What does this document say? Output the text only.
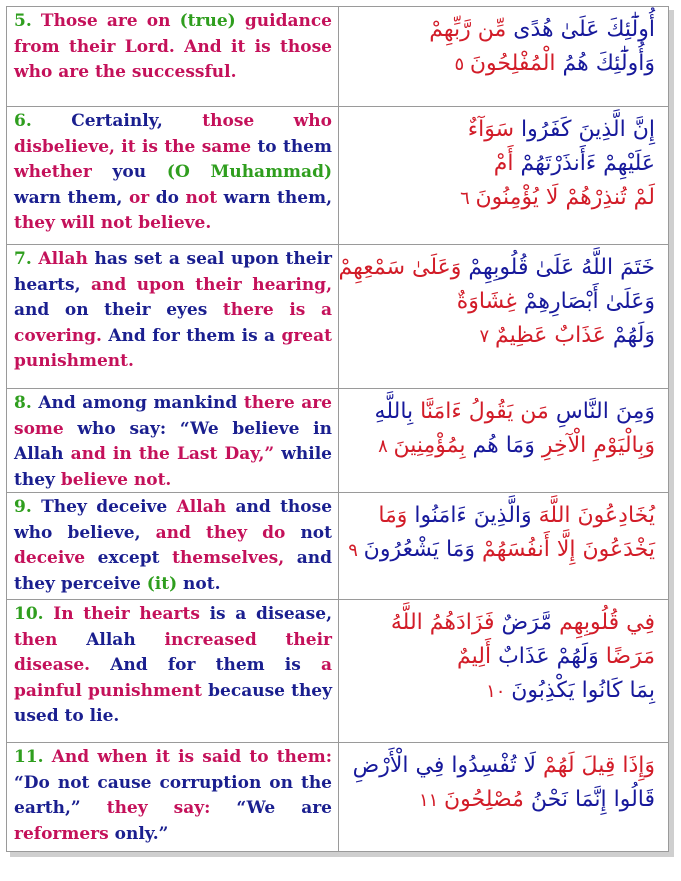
5. Those are on (true) guidance from their Lord. And it is those who are the successful.
أُولَٰٓئِكَ عَلَىٰ هُدًى مِّن رَّبِّهِمْ
وَأُولَٰٓئِكَ هُمُ الْمُفْلِحُونَ ٥
6. Certainly, those who disbelieve, it is the same to them whether you (O Muhammad) warn them, or do not warn them, they will not believe.
إِنَّ الَّذِينَ كَفَرُوا سَوَآءٌ
عَلَيْهِمْ ءَأَنذَرْتَهُمْ أَمْ
لَمْ تُنذِرْهُمْ لَا يُؤْمِنُونَ ٦
7. Allah has set a seal upon their hearts, and upon their hearing, and on their eyes there is a covering. And for them is a great punishment.
خَتَمَ اللَّهُ عَلَىٰ قُلُوبِهِمْ وَعَلَىٰ سَمْعِهِمْ
وَعَلَىٰ أَبْصَارِهِمْ غِشَاوَةٌ
وَلَهُمْ عَذَابٌ عَظِيمٌ ٧
8. And among mankind there are some who say: “We believe in Allah and in the Last Day,” while they believe not.
وَمِنَ النَّاسِ مَن يَقُولُ ءَامَنَّا بِاللَّهِ
وَبِالْيَوْمِ الْآخِرِ وَمَا هُم بِمُؤْمِنِينَ ٨
9. They deceive Allah and those who believe, and they do not deceive except themselves, and they perceive (it) not.
يُخَادِعُونَ اللَّهَ وَالَّذِينَ ءَامَنُوا وَمَا
يَخْدَعُونَ إِلَّا أَنفُسَهُمْ وَمَا يَشْعُرُونَ ٩
10. In their hearts is a disease, then Allah increased their disease. And for them is a painful punishment because they used to lie.
فِي قُلُوبِهِم مَّرَضٌ فَزَادَهُمُ اللَّهُ
مَرَضًا وَلَهُمْ عَذَابٌ أَلِيمٌ
بِمَا كَانُوا يَكْذِبُونَ ١٠
11. And when it is said to them: “Do not cause corruption on the earth,” they say: “We are reformers only.”
وَإِذَا قِيلَ لَهُمْ لَا تُفْسِدُوا فِي الْأَرْضِ
قَالُوا إِنَّمَا نَحْنُ مُصْلِحُونَ ١١
